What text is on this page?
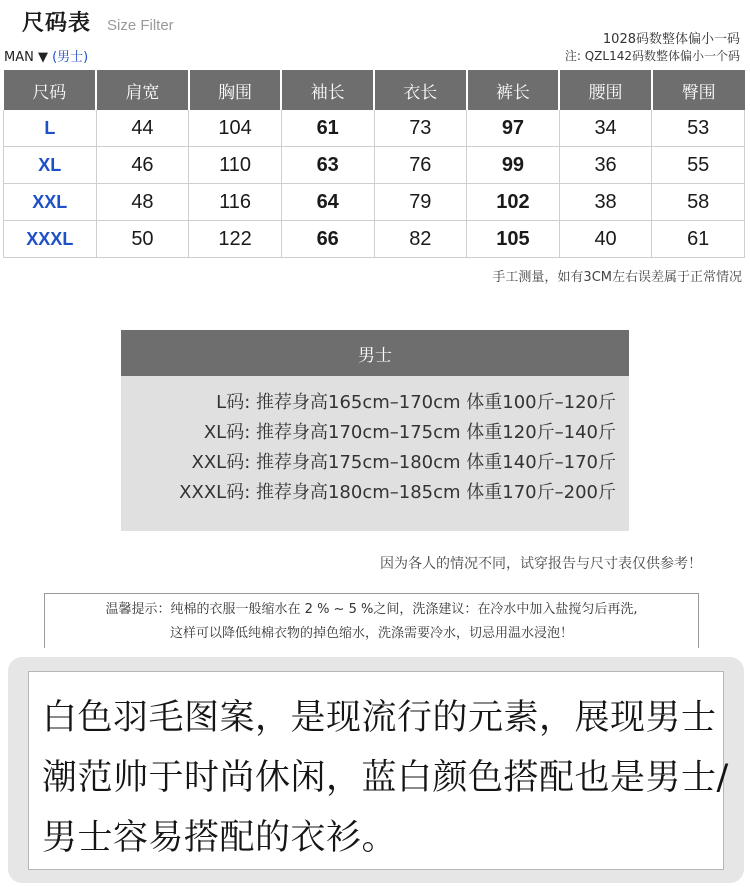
尺码表 Size Filter
MAN ▼ (男士)
1028码数整体偏小一码
注: QZL142码数整体偏小一个码
尺码	肩宽	胸围	袖长	衣长	裤长	腰围	臀围
L	44	104	61	73	97	34	53
XL	46	110	63	76	99	36	55
XXL	48	116	64	79	102	38	58
XXXL	50	122	66	82	105	40	61
手工测量，如有3CM左右误差属于正常情况
男士
L码: 推荐身高165cm–170cm 体重100斤–120斤
XL码: 推荐身高170cm–175cm 体重120斤–140斤
XXL码: 推荐身高175cm–180cm 体重140斤–170斤
XXXL码: 推荐身高180cm–185cm 体重170斤–200斤
因为各人的情况不同，试穿报告与尺寸表仅供参考！
温馨提示：纯棉的衣服一般缩水在 2 % ~ 5 %之间，洗涤建议：在冷水中加入盐搅匀后再洗,
这样可以降低纯棉衣物的掉色缩水，洗涤需要冷水，切忌用温水浸泡！
白色羽毛图案，是现流行的元素，展现男士
潮范帅于时尚休闲，蓝白颜色搭配也是男士/
男士容易搭配的衣衫。
